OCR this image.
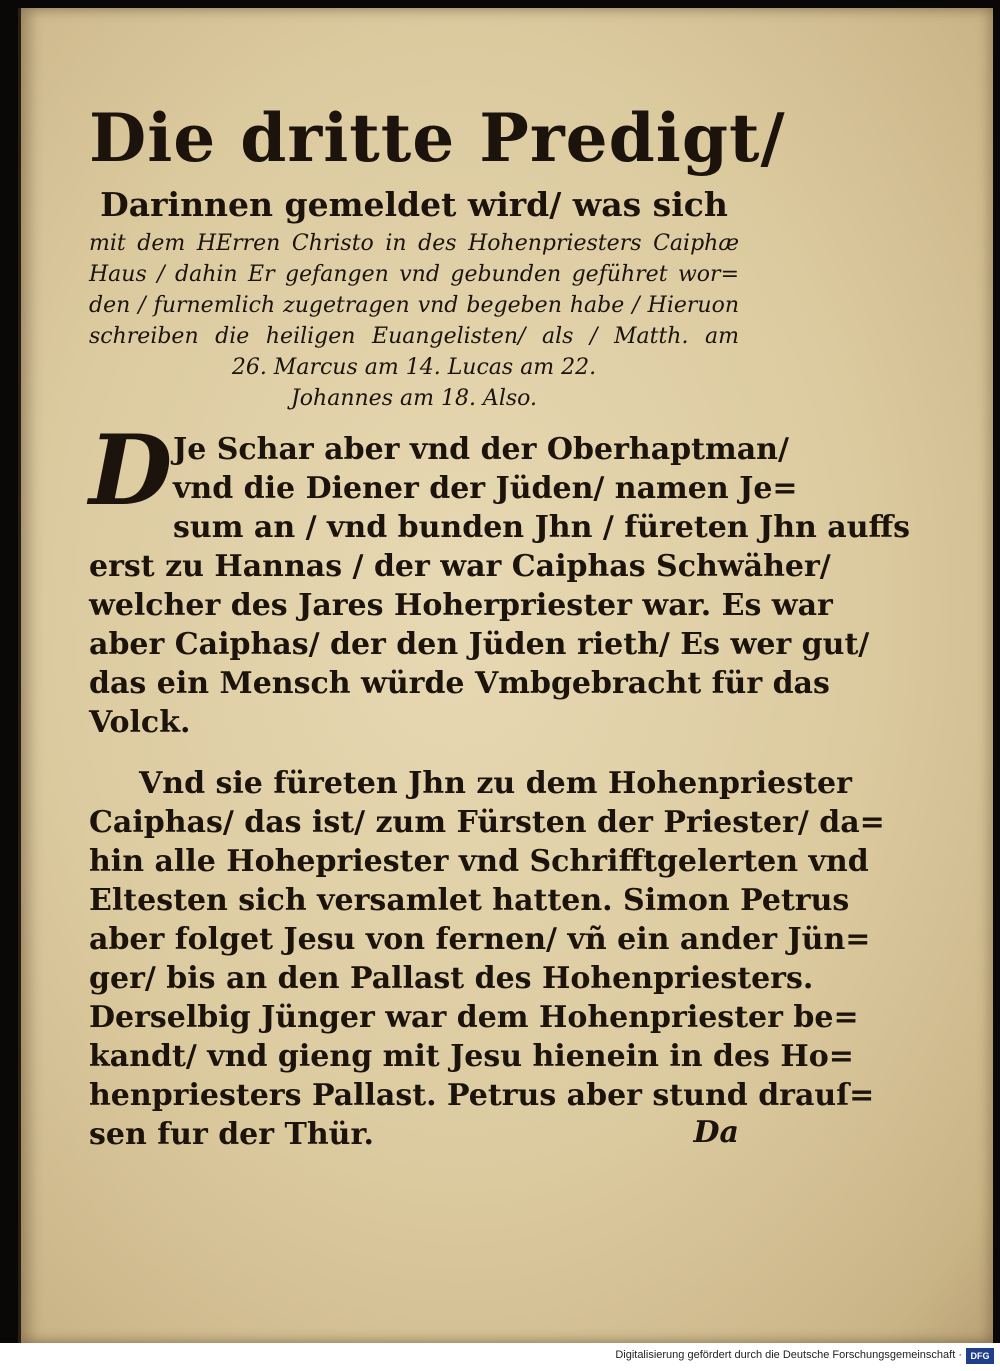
Die dritte Predigt/
Darinnen gemeldet wird/ was sich

mit dem HErren Christo in des Hohenpriesters Caiphæ

Haus / dahin Er gefangen vnd gebunden geführet wor=

den / furnemlich zugetragen vnd begeben habe / Hieruon

schreiben die heiligen Euangelisten/ als / Matth. am

26. Marcus am 14. Lucas am 22.

Johannes am 18. Also.

D Je Schar aber vnd der Oberhaptman/

vnd die Diener der Jüden/ namen Je=

sum an / vnd bunden Jhn / füreten Jhn auffs

erst zu Hannas / der war Caiphas Schwäher/

welcher des Jares Hoherpriester war. Es war

aber Caiphas/ der den Jüden rieth/ Es wer gut/

das ein Mensch würde Vmbgebracht für das

Volck.

Vnd sie füreten Jhn zu dem Hohenpriester

Caiphas/ das ist/ zum Fürsten der Priester/ da=

hin alle Hohepriester vnd Schrifftgelerten vnd

Eltesten sich versamlet hatten. Simon Petrus

aber folget Jesu von fernen/ vñ ein ander Jün=

ger/ bis an den Pallast des Hohenpriesters.

Derselbig Jünger war dem Hohenpriester be=

kandt/ vnd gieng mit Jesu hienein in des Ho=

henpriesters Pallast. Petrus aber stund drauſ=

sen fur der Thür.	Da
Digitalisierung gefördert durch die Deutsche Forschungsgemeinschaft · DFG
